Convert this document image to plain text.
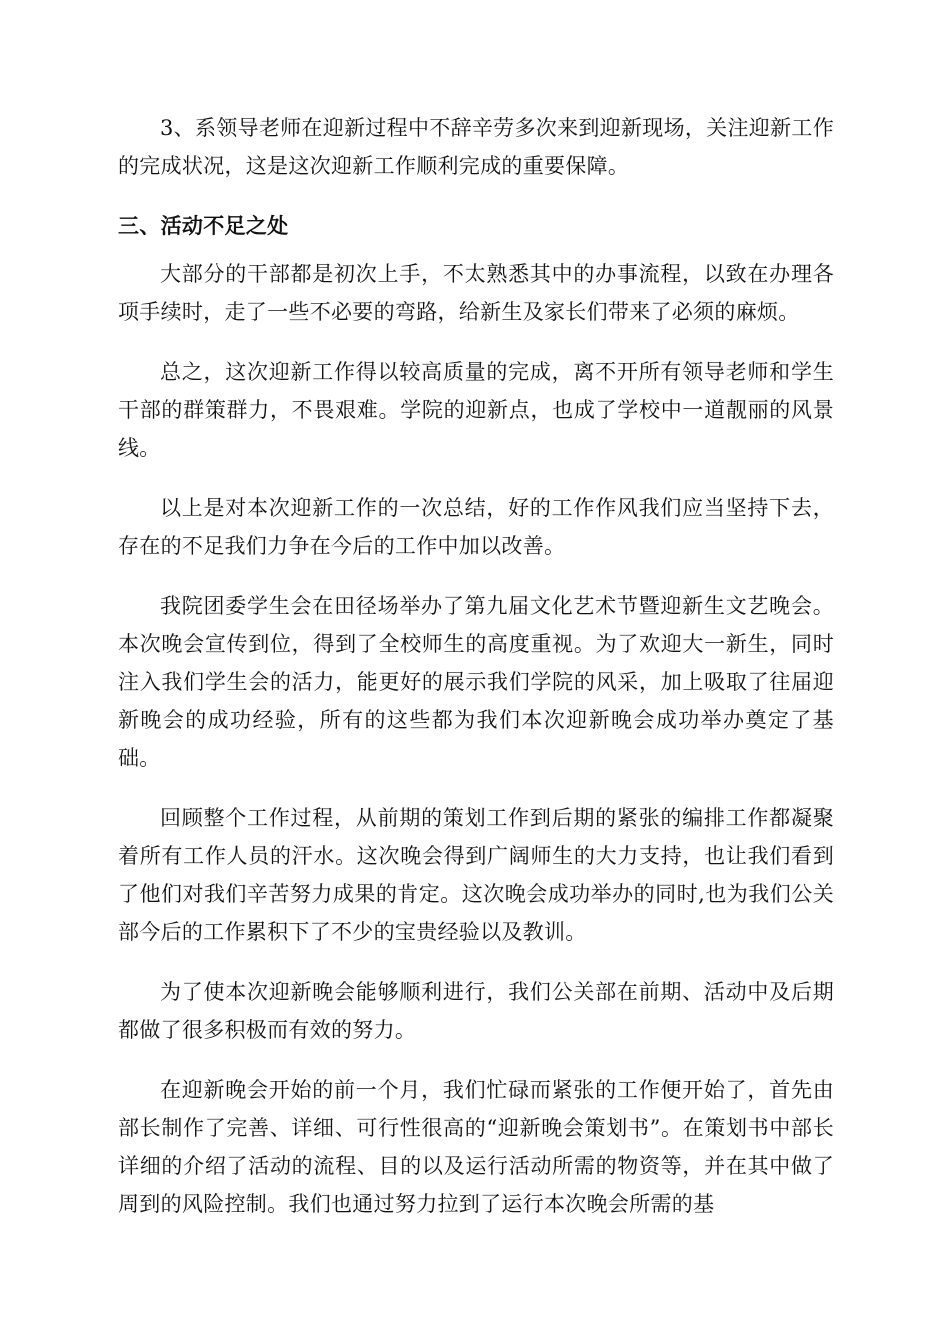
3、系领导老师在迎新过程中不辞辛劳多次来到迎新现场，关注迎新工作的完成状况，这是这次迎新工作顺利完成的重要保障。

三、活动不足之处

大部分的干部都是初次上手，不太熟悉其中的办事流程，以致在办理各项手续时，走了一些不必要的弯路，给新生及家长们带来了必须的麻烦。

总之，这次迎新工作得以较高质量的完成，离不开所有领导老师和学生干部的群策群力，不畏艰难。学院的迎新点，也成了学校中一道靓丽的风景线。

以上是对本次迎新工作的一次总结，好的工作作风我们应当坚持下去，存在的不足我们力争在今后的工作中加以改善。

我院团委学生会在田径场举办了第九届文化艺术节暨迎新生文艺晚会。本次晚会宣传到位，得到了全校师生的高度重视。为了欢迎大一新生，同时注入我们学生会的活力，能更好的展示我们学院的风采，加上吸取了往届迎新晚会的成功经验，所有的这些都为我们本次迎新晚会成功举办奠定了基础。

回顾整个工作过程，从前期的策划工作到后期的紧张的编排工作都凝聚着所有工作人员的汗水。这次晚会得到广阔师生的大力支持，也让我们看到了他们对我们辛苦努力成果的肯定。这次晚会成功举办的同时,也为我们公关部今后的工作累积下了不少的宝贵经验以及教训。

为了使本次迎新晚会能够顺利进行，我们公关部在前期、活动中及后期都做了很多积极而有效的努力。

在迎新晚会开始的前一个月，我们忙碌而紧张的工作便开始了，首先由部长制作了完善、详细、可行性很高的“迎新晚会策划书”。在策划书中部长详细的介绍了活动的流程、目的以及运行活动所需的物资等，并在其中做了周到的风险控制。我们也通过努力拉到了运行本次晚会所需的基
